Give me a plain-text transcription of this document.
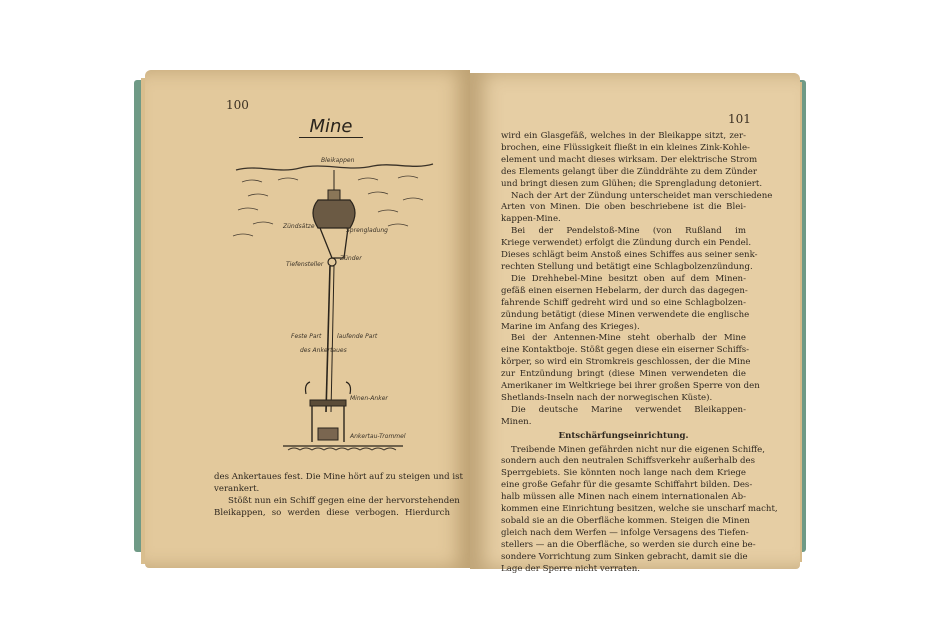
100
Mine
Bleikappen
Zündsätze
Sprengladung
Tiefensteller
Zünder
Feste Part	laufende Part
des Ankertaues
Minen-Anker
Ankertau-Trommel
des Ankertaues fest. Die Mine hört auf zu steigen und ist
verankert.
Stößt nun ein Schiff gegen eine der hervorstehenden
Bleikappen, so werden diese verbogen. Hierdurch
101
wird ein Glasgefäß, welches in der Bleikappe sitzt, zer-
brochen, eine Flüssigkeit fließt in ein kleines Zink-Kohle-
element und macht dieses wirksam. Der elektrische Strom
des Elements gelangt über die Zünddrähte zu dem Zünder
und bringt diesen zum Glühen; die Sprengladung detoniert.
Nach der Art der Zündung unterscheidet man verschiedene
Arten von Minen. Die oben beschriebene ist die Blei-
kappen-Mine.
Bei der Pendelstoß-Mine (von Rußland im
Kriege verwendet) erfolgt die Zündung durch ein Pendel.
Dieses schlägt beim Anstoß eines Schiffes aus seiner senk-
rechten Stellung und betätigt eine Schlagbolzenzündung.
Die Drehhebel-Mine besitzt oben auf dem Minen-
gefäß einen eisernen Hebelarm, der durch das dagegen-
fahrende Schiff gedreht wird und so eine Schlagbolzen-
zündung betätigt (diese Minen verwendete die englische
Marine im Anfang des Krieges).
Bei der Antennen-Mine steht oberhalb der Mine
eine Kontaktboje. Stößt gegen diese ein eiserner Schiffs-
körper, so wird ein Stromkreis geschlossen, der die Mine
zur Entzündung bringt (diese Minen verwendeten die
Amerikaner im Weltkriege bei ihrer großen Sperre von den
Shetlands-Inseln nach der norwegischen Küste).
Die deutsche Marine verwendet Bleikappen-
Minen.
Entschärfungseinrichtung.
Treibende Minen gefährden nicht nur die eigenen Schiffe,
sondern auch den neutralen Schiffsverkehr außerhalb des
Sperrgebiets. Sie könnten noch lange nach dem Kriege
eine große Gefahr für die gesamte Schiffahrt bilden. Des-
halb müssen alle Minen nach einem internationalen Ab-
kommen eine Einrichtung besitzen, welche sie unscharf macht,
sobald sie an die Oberfläche kommen. Steigen die Minen
gleich nach dem Werfen — infolge Versagens des Tiefen-
stellers — an die Oberfläche, so werden sie durch eine be-
sondere Vorrichtung zum Sinken gebracht, damit sie die
Lage der Sperre nicht verraten.
